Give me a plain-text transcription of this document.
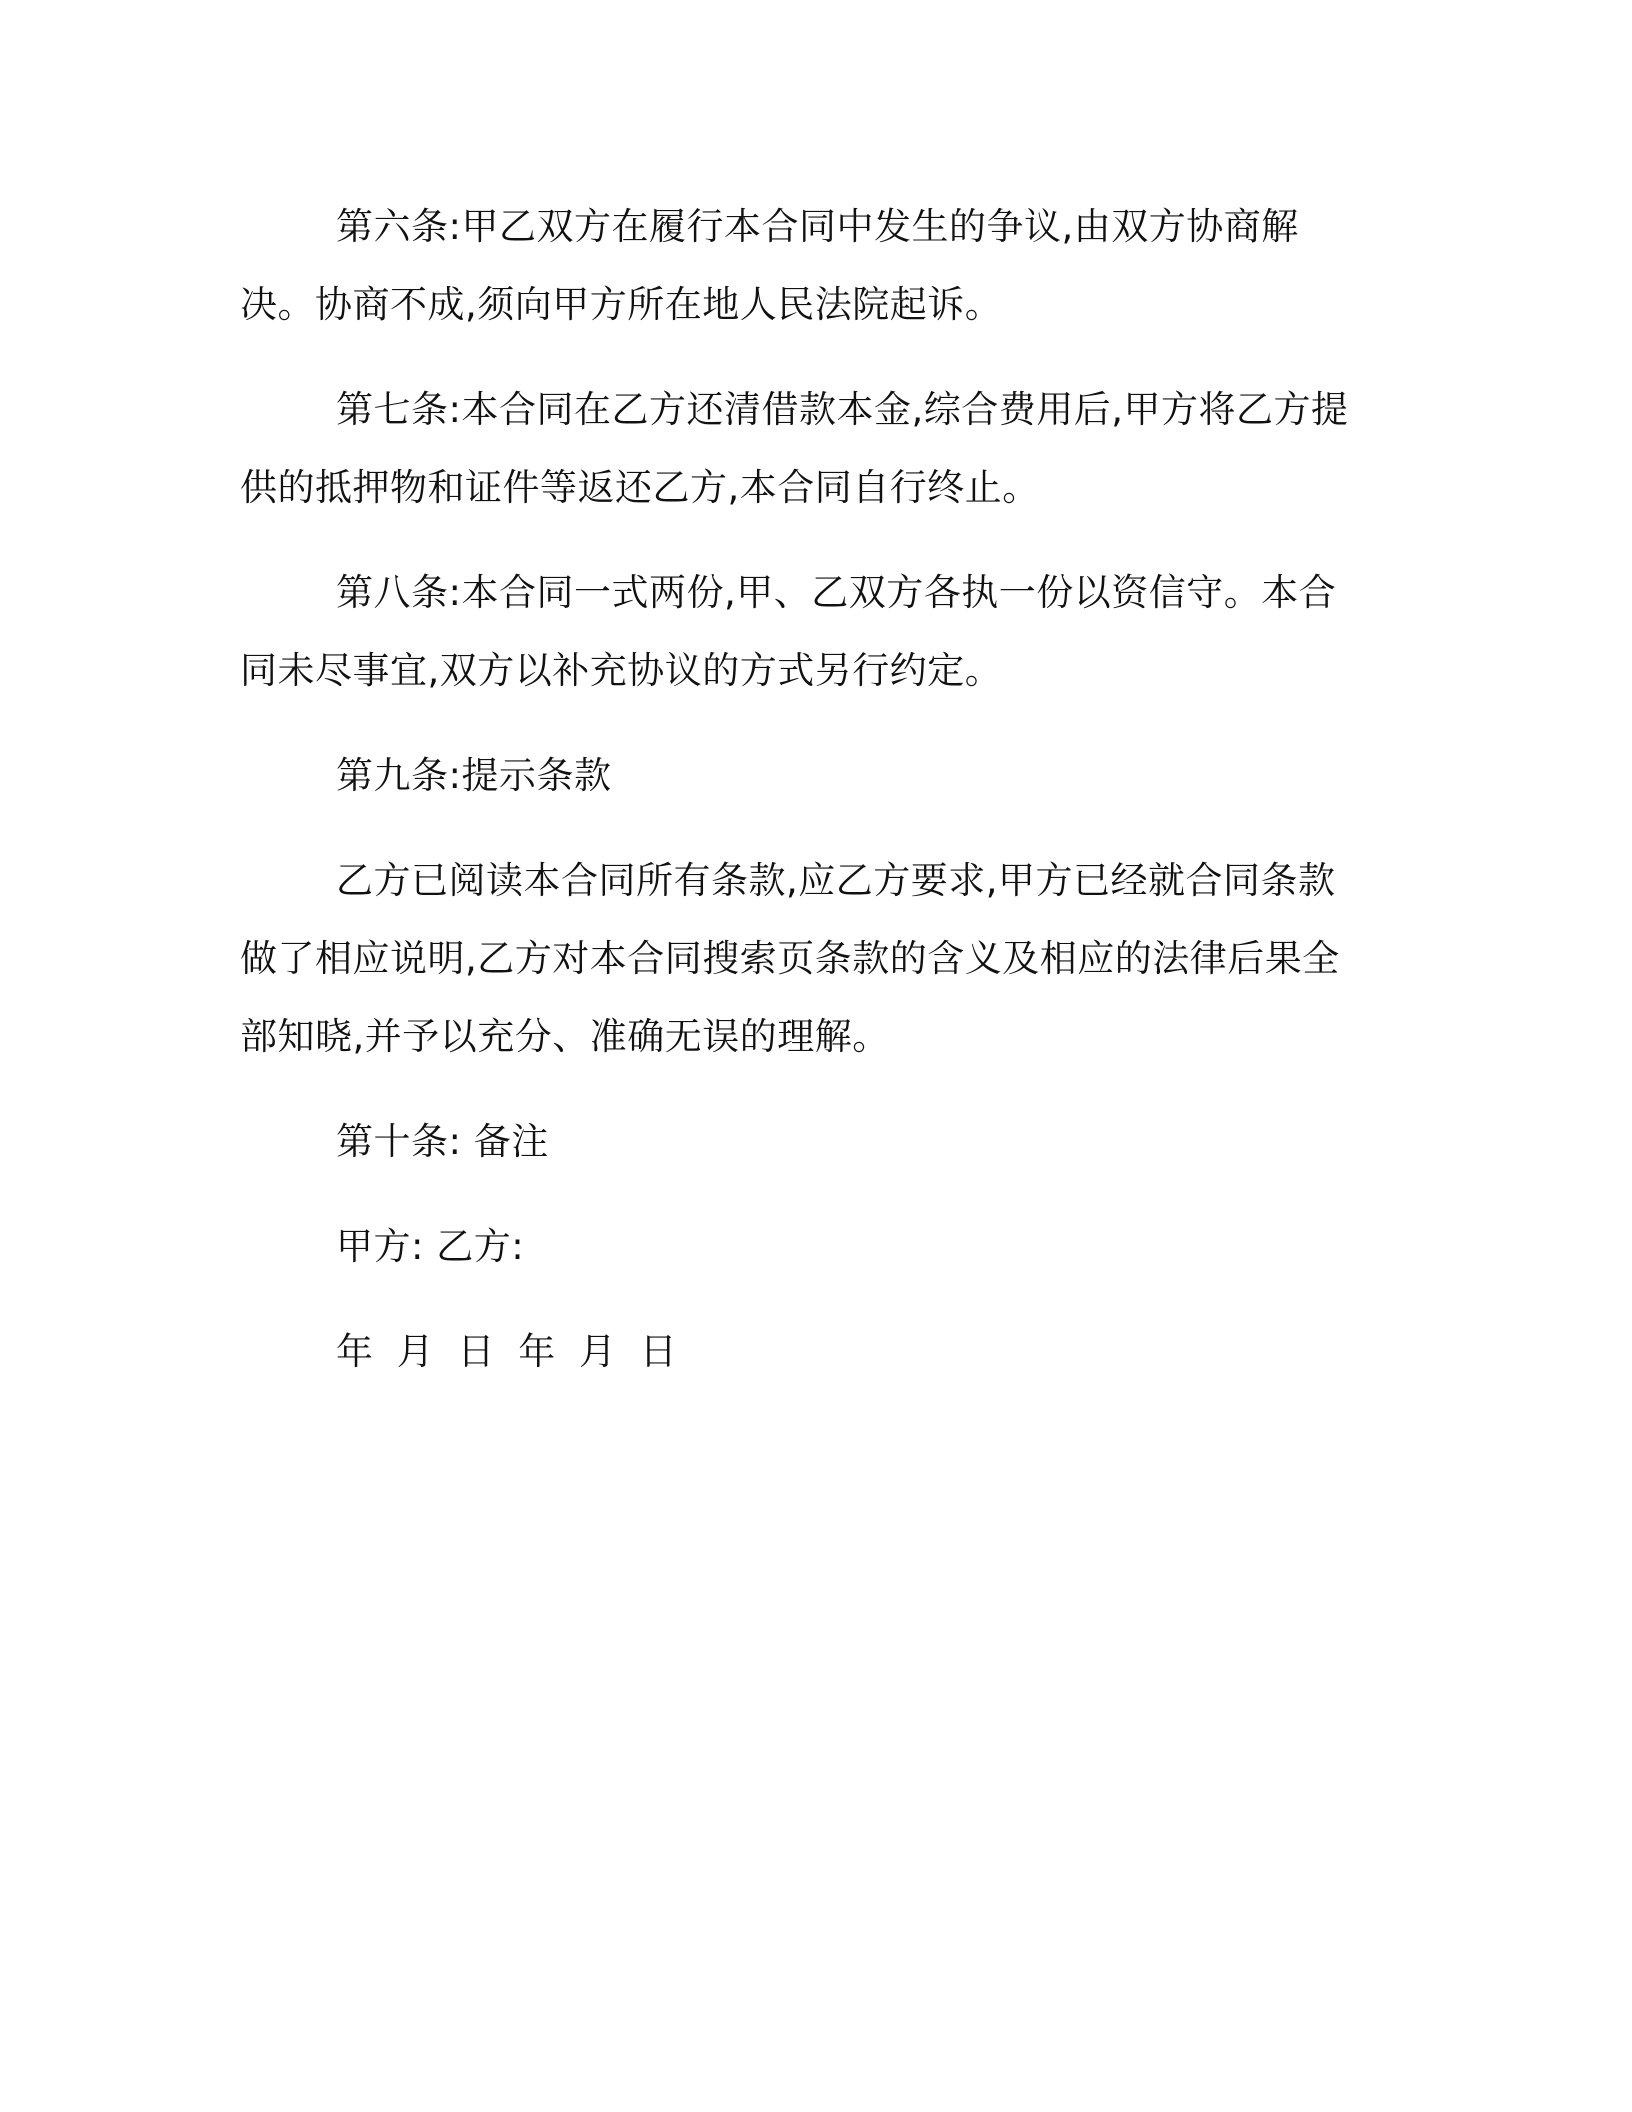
第六条:甲乙双方在履行本合同中发生的争议,由双方协商解决。协商不成,须向甲方所在地人民法院起诉。

第七条:本合同在乙方还清借款本金,综合费用后,甲方将乙方提供的抵押物和证件等返还乙方,本合同自行终止。

第八条:本合同一式两份,甲、乙双方各执一份以资信守。本合同未尽事宜,双方以补充协议的方式另行约定。

第九条:提示条款

乙方已阅读本合同所有条款,应乙方要求,甲方已经就合同条款做了相应说明,乙方对本合同搜索页条款的含义及相应的法律后果全部知晓,并予以充分、准确无误的理解。

第十条: 备注

甲方: 乙方:

年 月 日 年 月 日
